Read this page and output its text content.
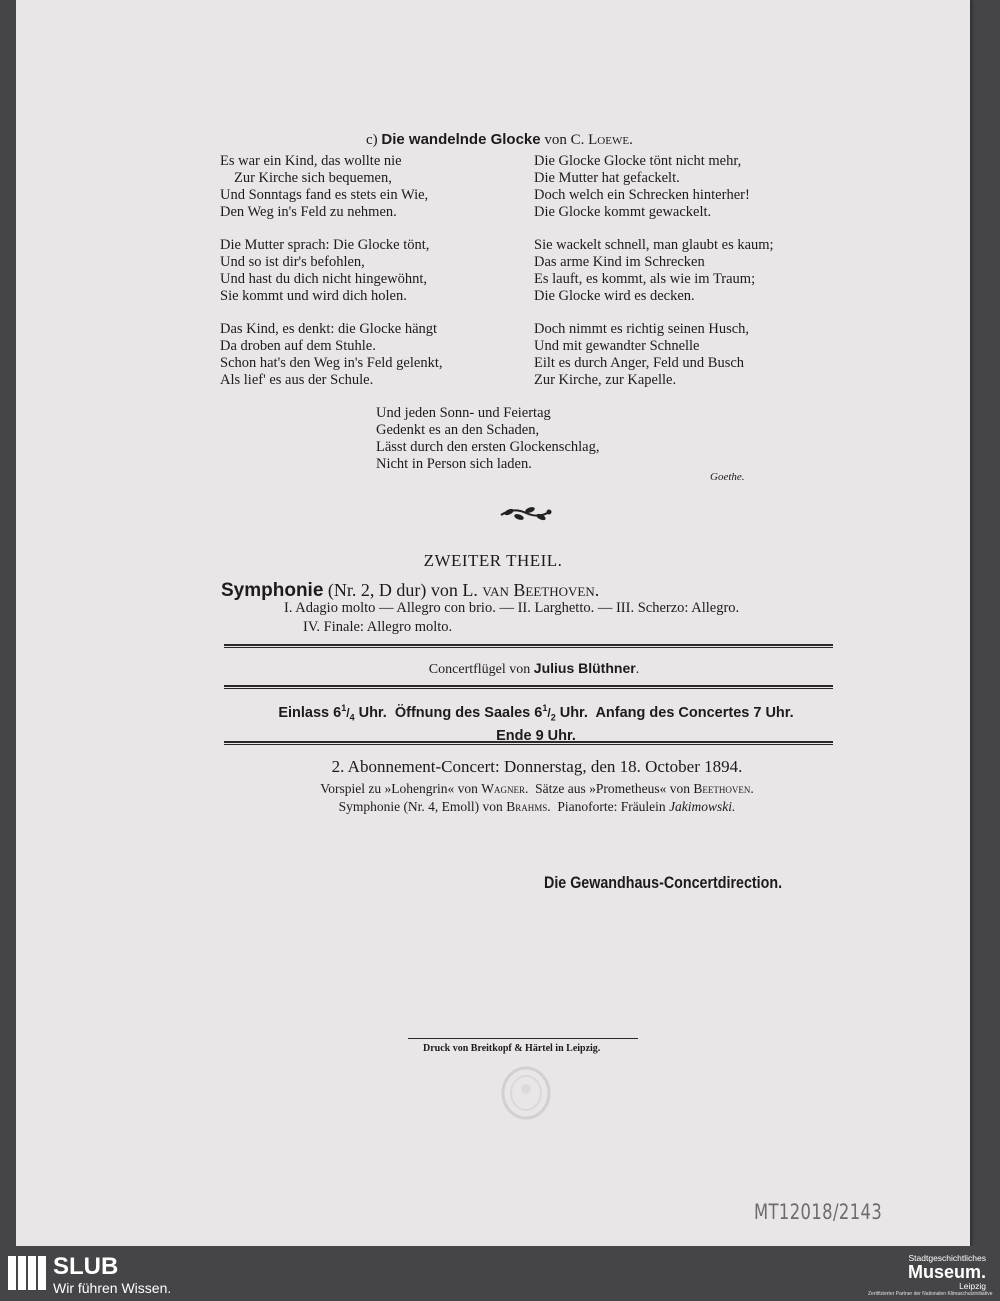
c) Die wandelnde Glocke von C. Loewe.
Es war ein Kind, das wollte nie
Zur Kirche sich bequemen,
Und Sonntags fand es stets ein Wie,
Den Weg in's Feld zu nehmen.
Die Mutter sprach: Die Glocke tönt,
Und so ist dir's befohlen,
Und hast du dich nicht hingewöhnt,
Sie kommt und wird dich holen.
Das Kind, es denkt: die Glocke hängt
Da droben auf dem Stuhle.
Schon hat's den Weg in's Feld gelenkt,
Als lief' es aus der Schule.
Die Glocke Glocke tönt nicht mehr,
Die Mutter hat gefackelt.
Doch welch ein Schrecken hinterher!
Die Glocke kommt gewackelt.
Sie wackelt schnell, man glaubt es kaum;
Das arme Kind im Schrecken
Es lauft, es kommt, als wie im Traum;
Die Glocke wird es decken.
Doch nimmt es richtig seinen Husch,
Und mit gewandter Schnelle
Eilt es durch Anger, Feld und Busch
Zur Kirche, zur Kapelle.
Und jeden Sonn- und Feiertag
Gedenkt es an den Schaden,
Lässt durch den ersten Glockenschlag,
Nicht in Person sich laden.
Goethe.
ZWEITER THEIL.
Symphonie (Nr. 2, D dur) von L. van Beethoven.
I. Adagio molto — Allegro con brio. — II. Larghetto. — III. Scherzo: Allegro.
IV. Finale: Allegro molto.
Concertflügel von Julius Blüthner.
Einlass $6^1/_4$ Uhr.  Öffnung des Saales $6^1/_2$ Uhr.  Anfang des Concertes 7 Uhr.
Ende 9 Uhr.
2. Abonnement-Concert: Donnerstag, den 18. October 1894.
Vorspiel zu »Lohengrin« von Wagner.  Sätze aus »Prometheus« von Beethoven.
Symphonie (Nr. 4, Emoll) von Brahms.  Pianoforte: Fräulein Jakimowski.
Die Gewandhaus-Concertdirection.
Druck von Breitkopf & Härtel in Leipzig.
MT12018/2143
SLUB
Wir führen Wissen.
Stadtgeschichtliches
Museum.
Leipzig
Zertifizierter Partner der Nationalen Klimaschutzinitiative
